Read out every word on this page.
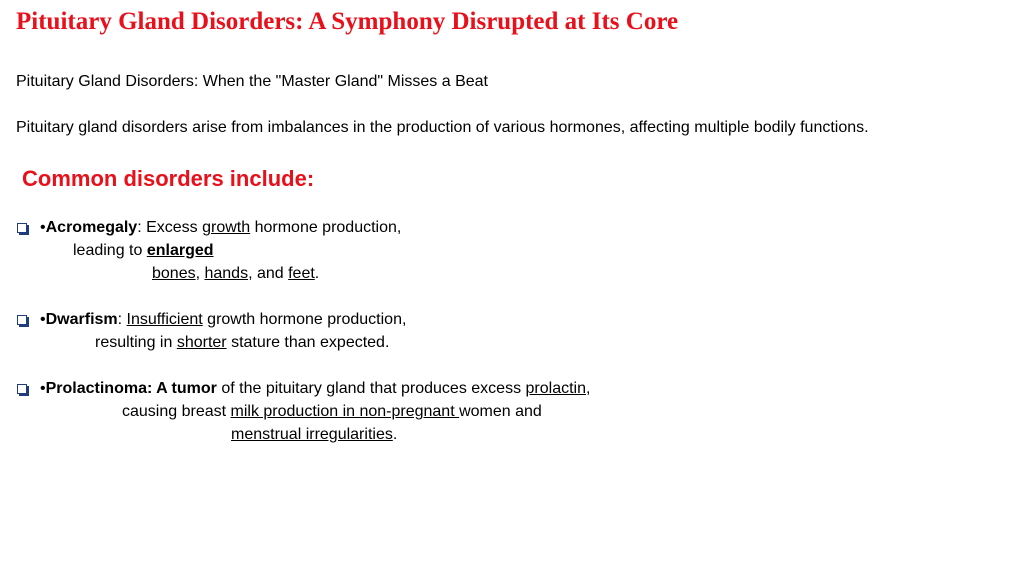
Pituitary Gland Disorders: A Symphony Disrupted at Its Core
Pituitary Gland Disorders: When the "Master Gland" Misses a Beat
Pituitary gland disorders arise from imbalances in the production of various hormones, affecting multiple bodily functions.
Common disorders include:
•Acromegaly: Excess growth hormone production,
leading to enlarged
bones, hands, and feet.
•Dwarfism: Insufficient growth hormone production,
resulting in shorter stature than expected.
•Prolactinoma: A tumor of the pituitary gland that produces excess prolactin,
causing breast milk production in non-pregnant women and
menstrual irregularities.
